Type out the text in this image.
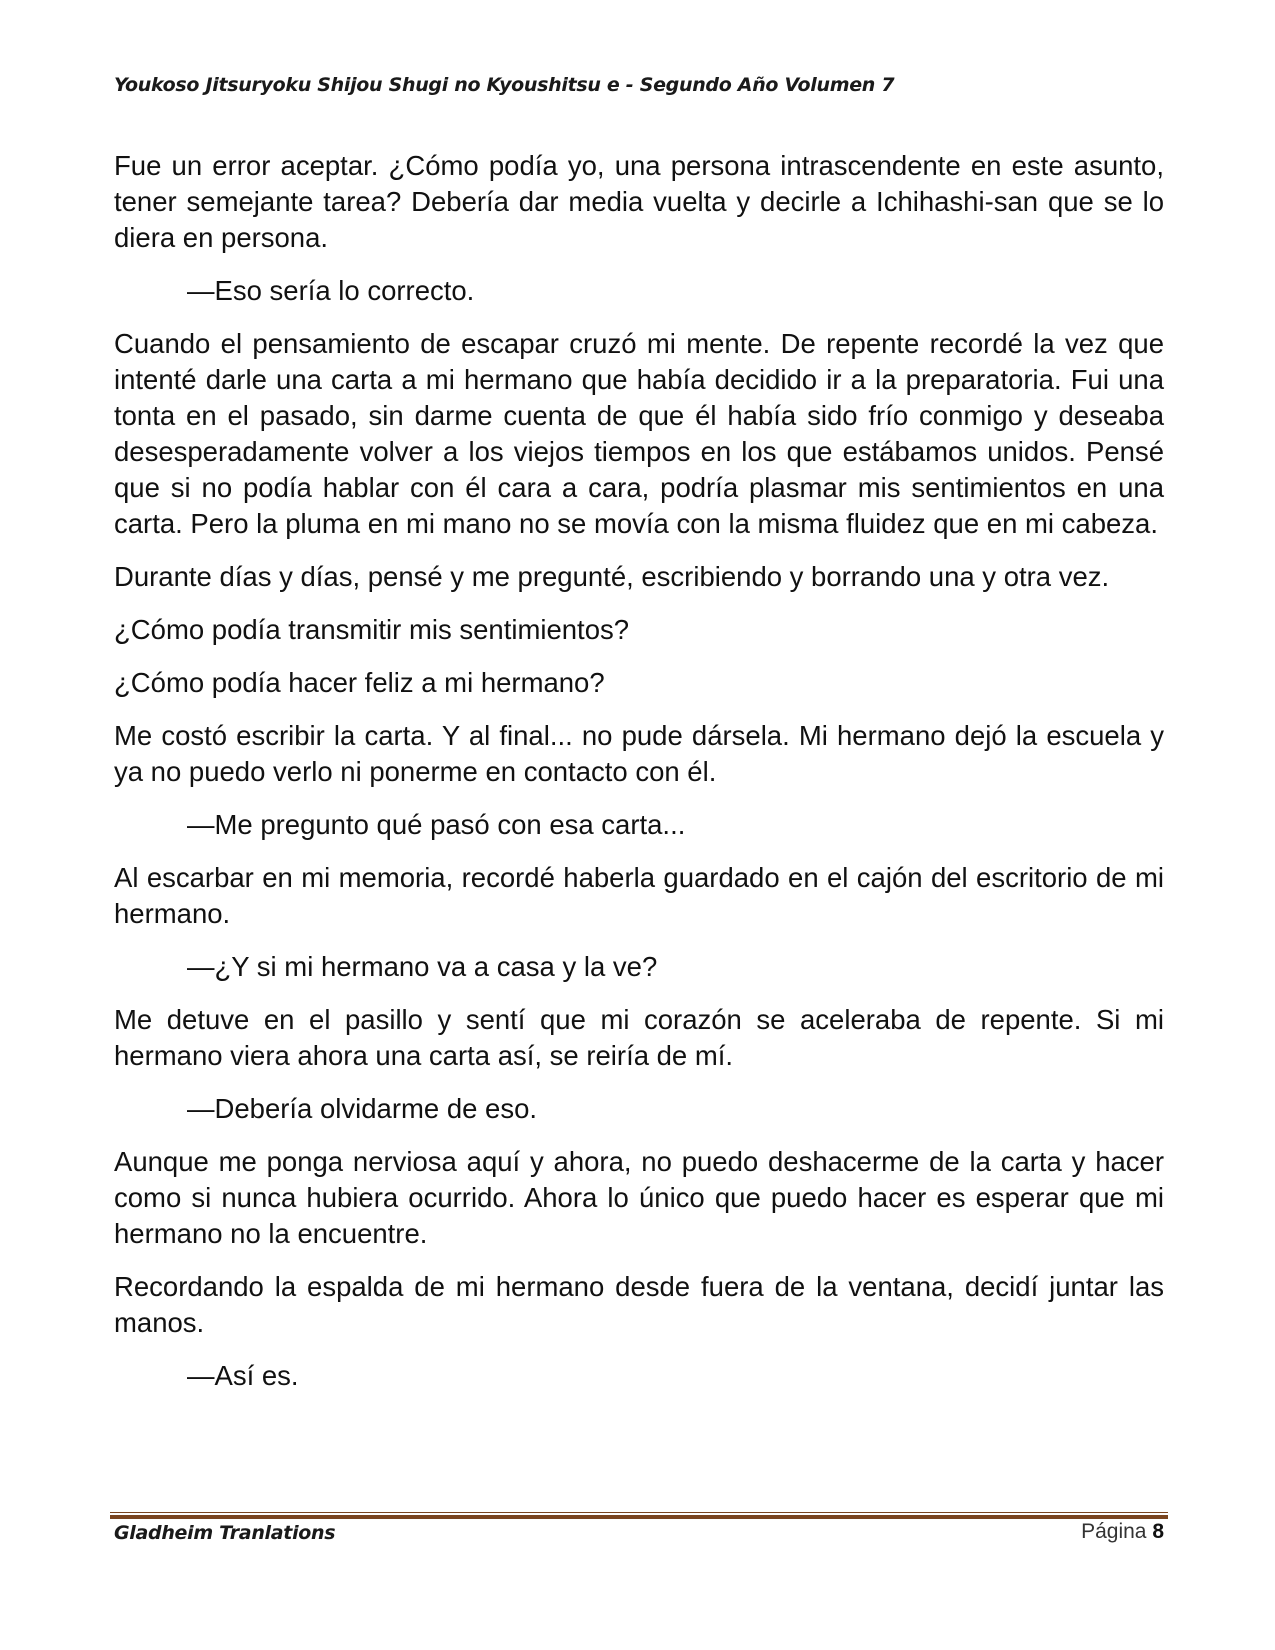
Youkoso Jitsuryoku Shijou Shugi no Kyoushitsu e - Segundo Año Volumen 7

Fue un error aceptar. ¿Cómo podía yo, una persona intrascendente en este asunto, tener semejante tarea? Debería dar media vuelta y decirle a Ichihashi-san que se lo diera en persona.

—Eso sería lo correcto.

Cuando el pensamiento de escapar cruzó mi mente. De repente recordé la vez que intenté darle una carta a mi hermano que había decidido ir a la preparatoria. Fui una tonta en el pasado, sin darme cuenta de que él había sido frío conmigo y deseaba desesperadamente volver a los viejos tiempos en los que estábamos unidos. Pensé que si no podía hablar con él cara a cara, podría plasmar mis sentimientos en una carta. Pero la pluma en mi mano no se movía con la misma fluidez que en mi cabeza.

Durante días y días, pensé y me pregunté, escribiendo y borrando una y otra vez.

¿Cómo podía transmitir mis sentimientos?

¿Cómo podía hacer feliz a mi hermano?

Me costó escribir la carta. Y al final... no pude dársela. Mi hermano dejó la escuela y ya no puedo verlo ni ponerme en contacto con él.

—Me pregunto qué pasó con esa carta...

Al escarbar en mi memoria, recordé haberla guardado en el cajón del escritorio de mi hermano.

—¿Y si mi hermano va a casa y la ve?

Me detuve en el pasillo y sentí que mi corazón se aceleraba de repente. Si mi hermano viera ahora una carta así, se reiría de mí.

—Debería olvidarme de eso.

Aunque me ponga nerviosa aquí y ahora, no puedo deshacerme de la carta y hacer como si nunca hubiera ocurrido. Ahora lo único que puedo hacer es esperar que mi hermano no la encuentre.

Recordando la espalda de mi hermano desde fuera de la ventana, decidí juntar las manos.

—Así es.

Gladheim Tranlations	Página 8
